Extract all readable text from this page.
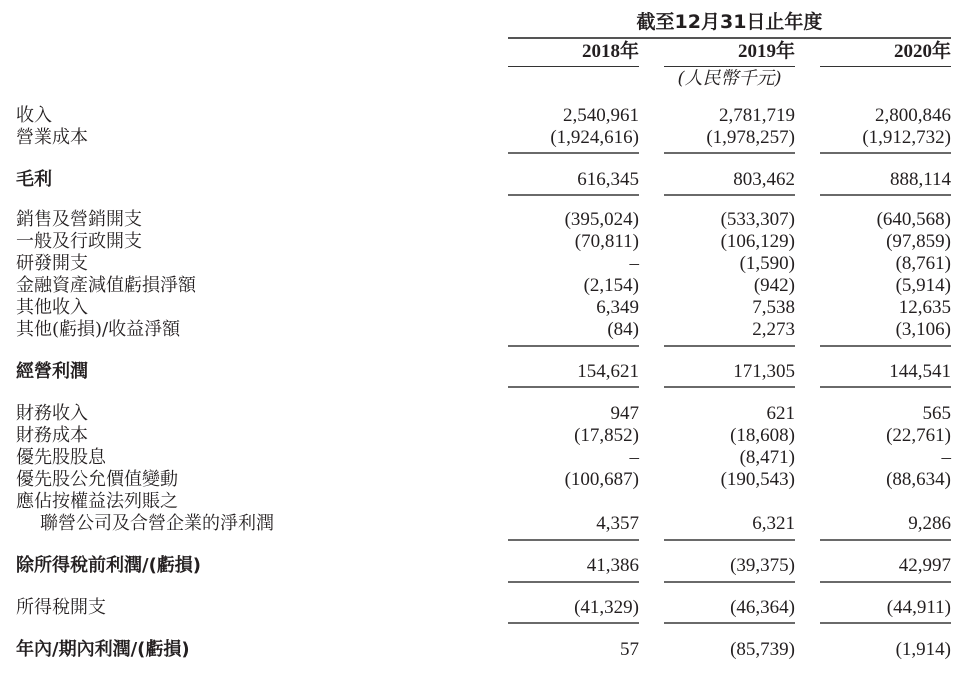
截至12月31日止年度
2018年	2019年	2020年
(人民幣千元)
收入	2,540,961	2,781,719	2,800,846
營業成本	(1,924,616)	(1,978,257)	(1,912,732)
毛利	616,345	803,462	888,114
銷售及營銷開支	(395,024)	(533,307)	(640,568)
一般及行政開支	(70,811)	(106,129)	(97,859)
研發開支	–	(1,590)	(8,761)
金融資產減值虧損淨額	(2,154)	(942)	(5,914)
其他收入	6,349	7,538	12,635
其他(虧損)/收益淨額	(84)	2,273	(3,106)
經營利潤	154,621	171,305	144,541
財務收入	947	621	565
財務成本	(17,852)	(18,608)	(22,761)
優先股股息	–	(8,471)	–
優先股公允價值變動	(100,687)	(190,543)	(88,634)
應佔按權益法列賬之
聯營公司及合營企業的淨利潤	4,357	6,321	9,286
除所得稅前利潤/(虧損)	41,386	(39,375)	42,997
所得稅開支	(41,329)	(46,364)	(44,911)
年內/期內利潤/(虧損)	57	(85,739)	(1,914)
